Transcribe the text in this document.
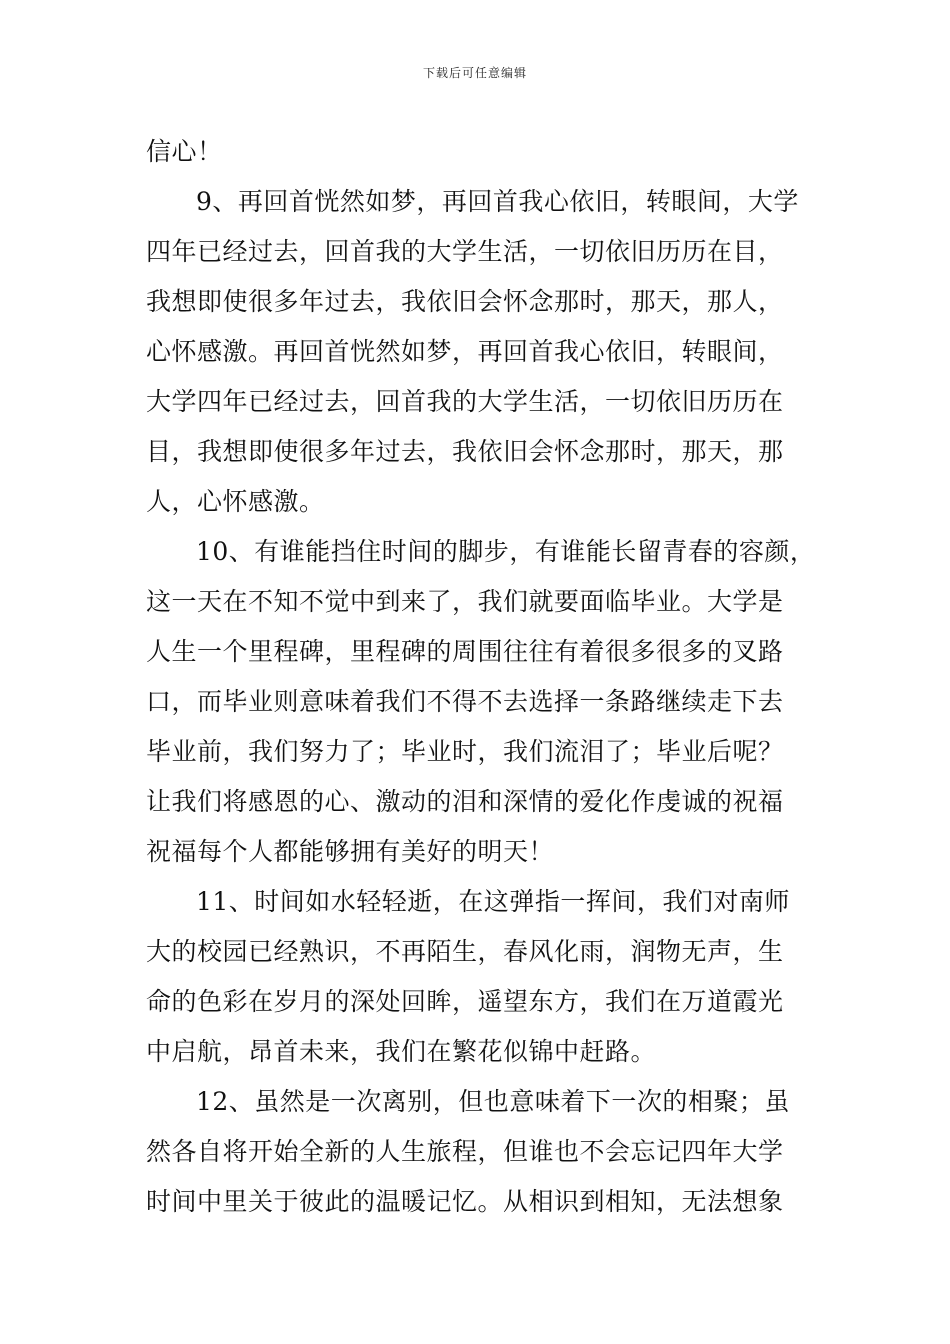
下载后可任意编辑
信心！
9、再回首恍然如梦，再回首我心依旧，转眼间，大学
四年已经过去，回首我的大学生活，一切依旧历历在目，
我想即使很多年过去，我依旧会怀念那时，那天，那人，
心怀感激。再回首恍然如梦，再回首我心依旧，转眼间，
大学四年已经过去，回首我的大学生活，一切依旧历历在
目，我想即使很多年过去，我依旧会怀念那时，那天，那
人，心怀感激。
10、有谁能挡住时间的脚步，有谁能长留青春的容颜，
这一天在不知不觉中到来了，我们就要面临毕业。大学是
人生一个里程碑，里程碑的周围往往有着很多很多的叉路
口，而毕业则意味着我们不得不去选择一条路继续走下去
毕业前，我们努力了；毕业时，我们流泪了；毕业后呢？
让我们将感恩的心、激动的泪和深情的爱化作虔诚的祝福
祝福每个人都能够拥有美好的明天！
11、时间如水轻轻逝，在这弹指一挥间，我们对南师
大的校园已经熟识，不再陌生，春风化雨，润物无声，生
命的色彩在岁月的深处回眸，遥望东方，我们在万道霞光
中启航，昂首未来，我们在繁花似锦中赶路。
12、虽然是一次离别，但也意味着下一次的相聚；虽
然各自将开始全新的人生旅程，但谁也不会忘记四年大学
时间中里关于彼此的温暖记忆。从相识到相知，无法想象
